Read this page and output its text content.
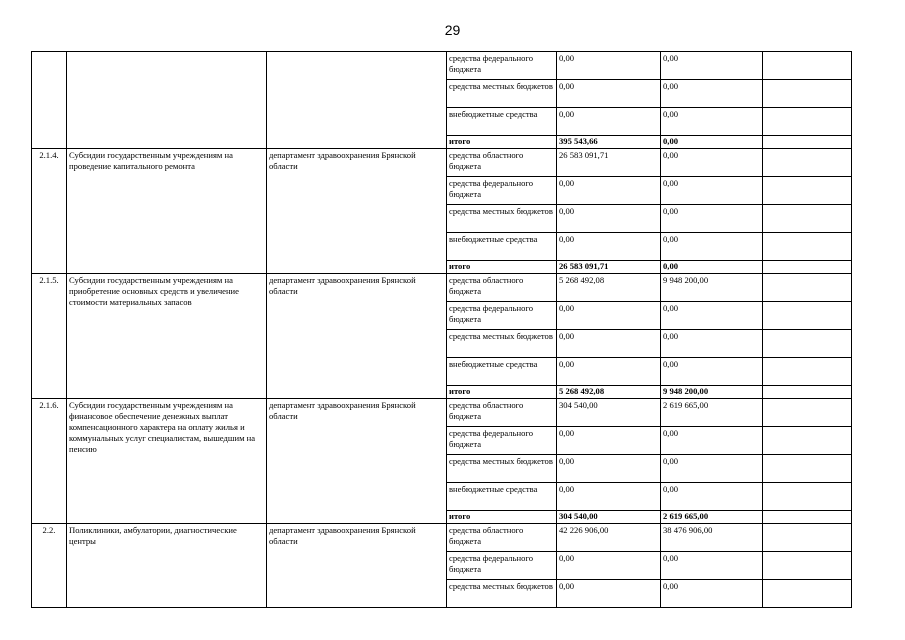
29
			средства федерального бюджета	0,00	0,00	
			средства местных бюджетов	0,00	0,00	
			внебюджетные средства	0,00	0,00	
			итого	395 543,66	0,00	
2.1.4.	Субсидии государственным учреждениям на проведение капитального ремонта	департамент здравоохранения Брянской области	средства областного бюджета	26 583 091,71	0,00	
			средства федерального бюджета	0,00	0,00	
			средства местных бюджетов	0,00	0,00	
			внебюджетные средства	0,00	0,00	
			итого	26 583 091,71	0,00	
2.1.5.	Субсидии государственным учреждениям на приобретение основных средств и увеличение стоимости материальных запасов	департамент здравоохранения Брянской области	средства областного бюджета	5 268 492,08	9 948 200,00	
			средства федерального бюджета	0,00	0,00	
			средства местных бюджетов	0,00	0,00	
			внебюджетные средства	0,00	0,00	
			итого	5 268 492,08	9 948 200,00	
2.1.6.	Субсидии государственным учреждениям на финансовое обеспечение денежных выплат компенсационного характера на оплату жилья и коммунальных услуг специалистам, вышедшим на пенсию	департамент здравоохранения Брянской области	средства областного бюджета	304 540,00	2 619 665,00	
			средства федерального бюджета	0,00	0,00	
			средства местных бюджетов	0,00	0,00	
			внебюджетные средства	0,00	0,00	
			итого	304 540,00	2 619 665,00	
2.2.	Поликлиники, амбулатории, диагностические центры	департамент здравоохранения Брянской области	средства областного бюджета	42 226 906,00	38 476 906,00	
			средства федерального бюджета	0,00	0,00	
			средства местных бюджетов	0,00	0,00	
